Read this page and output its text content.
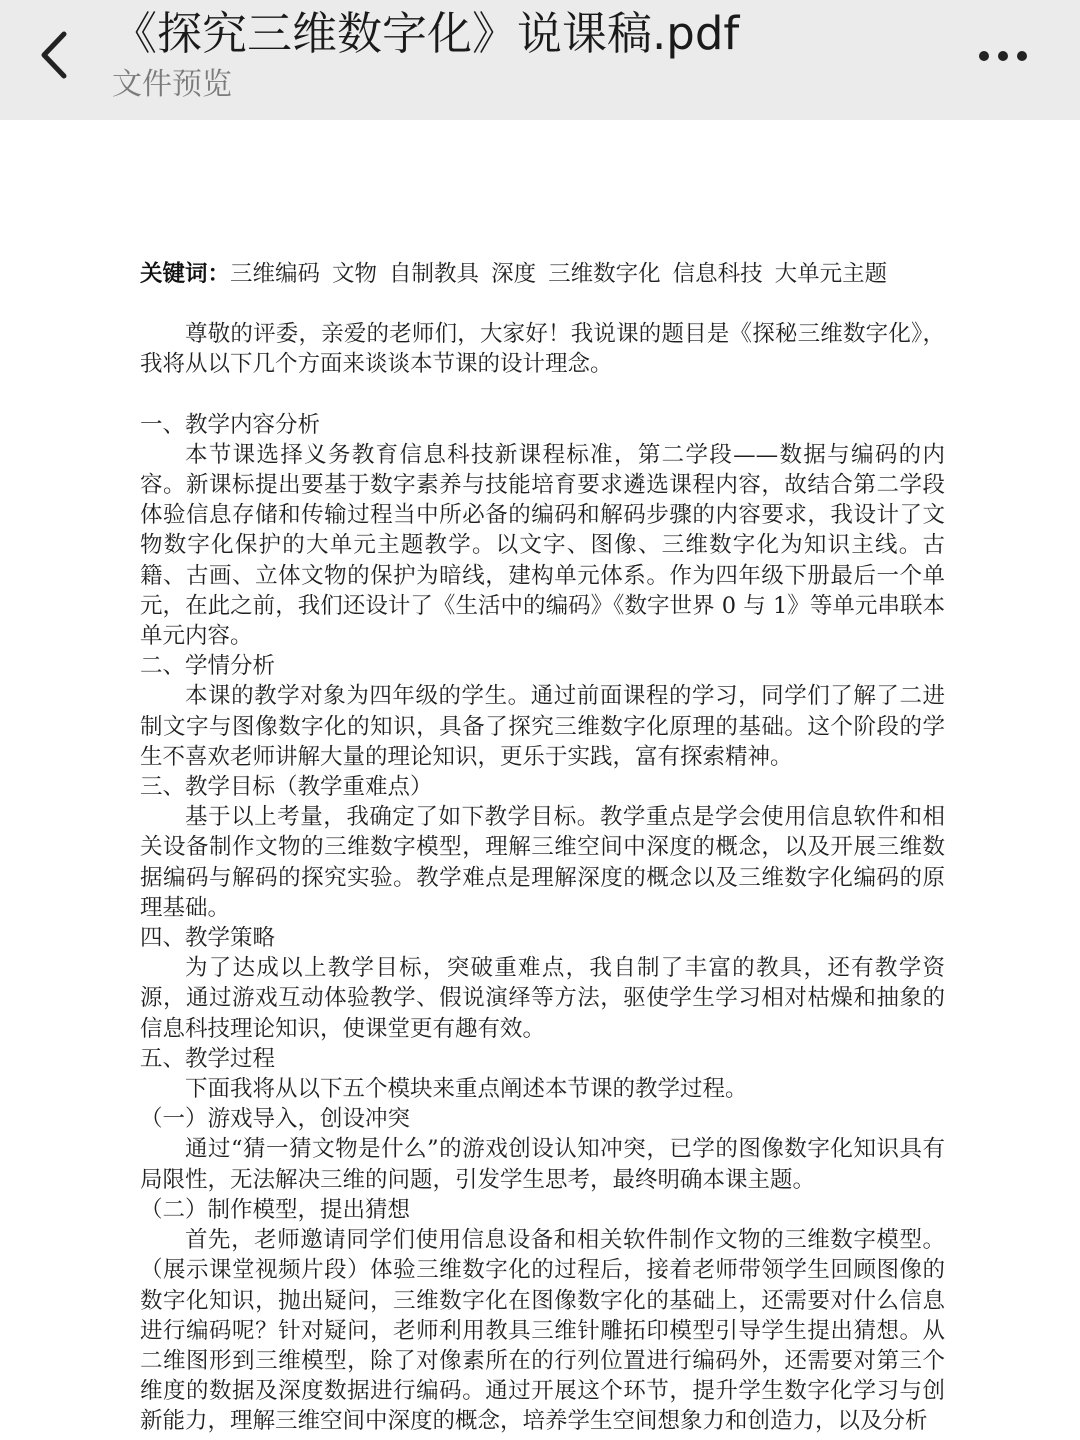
《探究三维数字化》说课稿.pdf
文件预览

关键词：三维编码 文物 自制教具 深度 三维数字化 信息科技 大单元主题

尊敬的评委，亲爱的老师们，大家好！我说课的题目是《探秘三维数字化》，我将从以下几个方面来谈谈本节课的设计理念。

一、教学内容分析

本节课选择义务教育信息科技新课程标准，第二学段——数据与编码的内容。新课标提出要基于数字素养与技能培育要求遴选课程内容，故结合第二学段体验信息存储和传输过程当中所必备的编码和解码步骤的内容要求，我设计了文物数字化保护的大单元主题教学。以文字、图像、三维数字化为知识主线。古籍、古画、立体文物的保护为暗线，建构单元体系。作为四年级下册最后一个单元，在此之前，我们还设计了《生活中的编码》《数字世界 0 与 1》等单元串联本单元内容。

二、学情分析

本课的教学对象为四年级的学生。通过前面课程的学习，同学们了解了二进制文字与图像数字化的知识，具备了探究三维数字化原理的基础。这个阶段的学生不喜欢老师讲解大量的理论知识，更乐于实践，富有探索精神。

三、教学目标（教学重难点）

基于以上考量，我确定了如下教学目标。教学重点是学会使用信息软件和相关设备制作文物的三维数字模型，理解三维空间中深度的概念，以及开展三维数据编码与解码的探究实验。教学难点是理解深度的概念以及三维数字化编码的原理基础。

四、教学策略

为了达成以上教学目标，突破重难点，我自制了丰富的教具，还有教学资源，通过游戏互动体验教学、假说演绎等方法，驱使学生学习相对枯燥和抽象的信息科技理论知识，使课堂更有趣有效。

五、教学过程

下面我将从以下五个模块来重点阐述本节课的教学过程。

（一）游戏导入，创设冲突

通过“猜一猜文物是什么”的游戏创设认知冲突，已学的图像数字化知识具有局限性，无法解决三维的问题，引发学生思考，最终明确本课主题。

（二）制作模型，提出猜想

首先，老师邀请同学们使用信息设备和相关软件制作文物的三维数字模型。（展示课堂视频片段）体验三维数字化的过程后，接着老师带领学生回顾图像的数字化知识，抛出疑问，三维数字化在图像数字化的基础上，还需要对什么信息进行编码呢？针对疑问，老师利用教具三维针雕拓印模型引导学生提出猜想。从二维图形到三维模型，除了对像素所在的行列位置进行编码外，还需要对第三个维度的数据及深度数据进行编码。通过开展这个环节，提升学生数字化学习与创新能力，理解三维空间中深度的概念，培养学生空间想象力和创造力，以及分析
